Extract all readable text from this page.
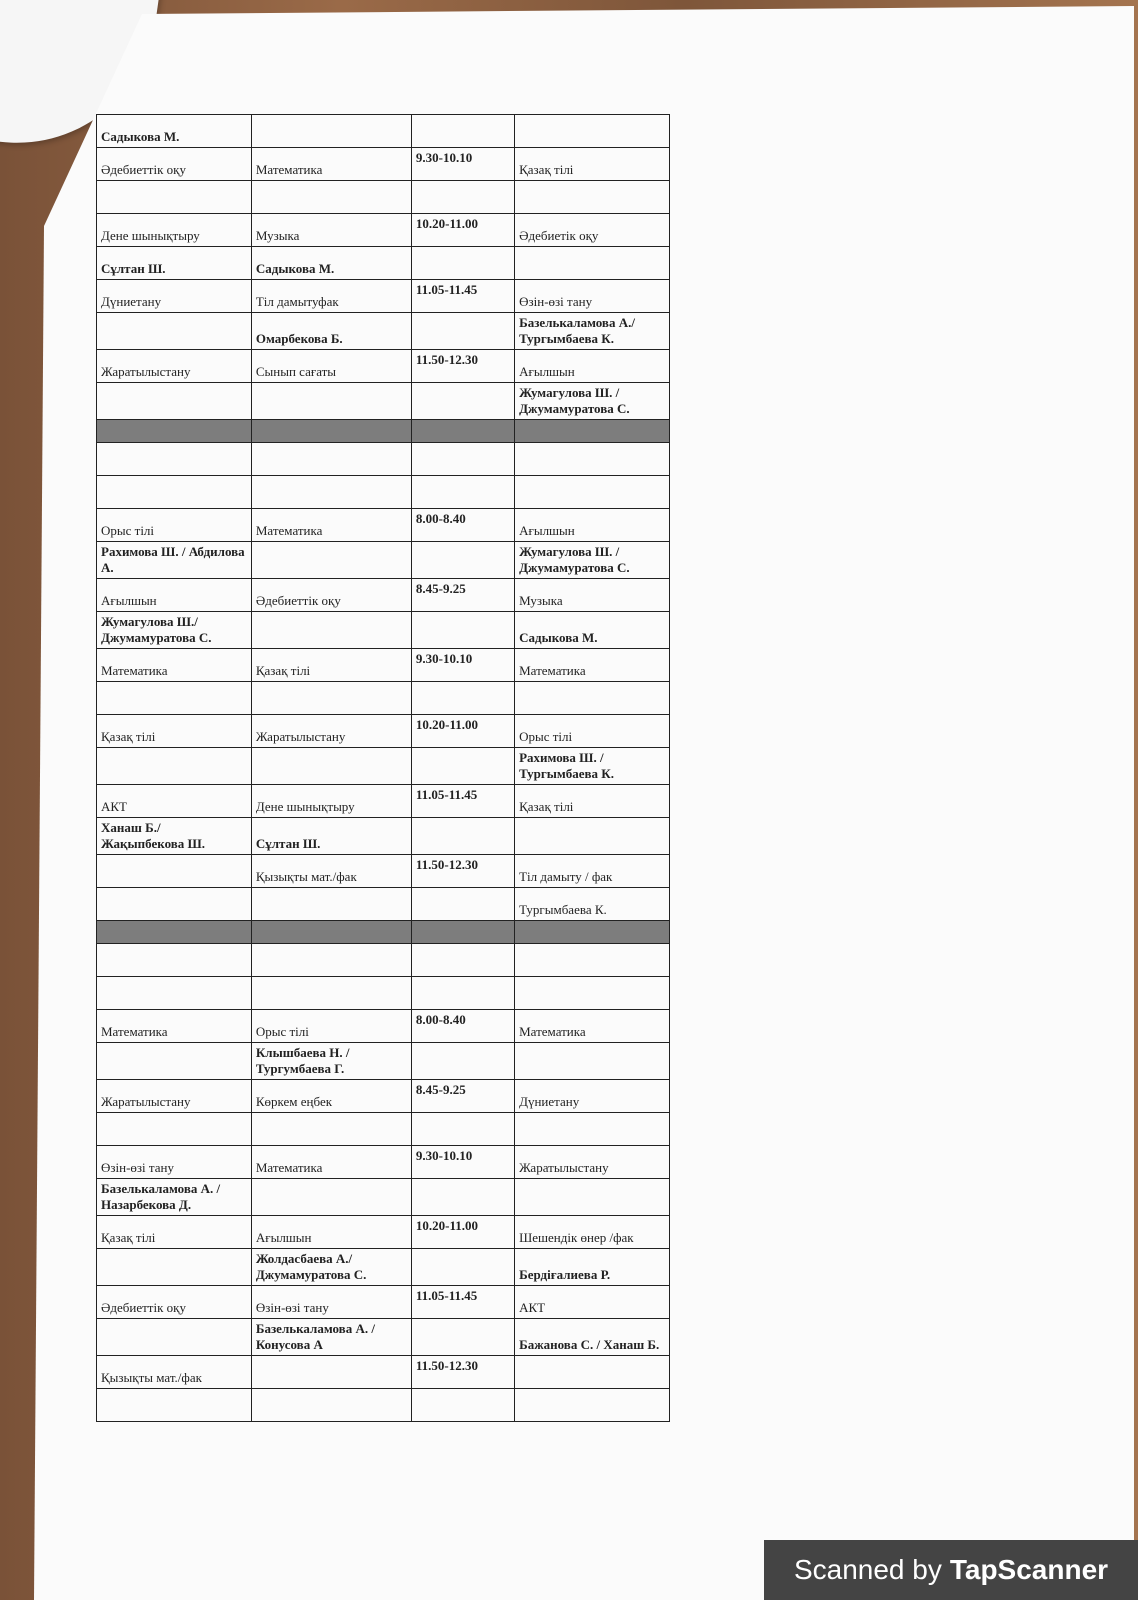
Садыкова М.			
Әдебиеттік оқу	Математика	9.30-10.10	Қазақ тілі

Дене шынықтыру	Музыка	10.20-11.00	Әдебиетік оқу
Сұлтан Ш.	Садыкова М.		
Дүниетану	Тіл дамытуфак	11.05-11.45	Өзін-өзі тану
	Омарбекова Б.		Базелькаламова А./ Тургымбаева К.
Жаратылыстану	Сынып сағаты	11.50-12.30	Ағылшын
			Жумагулова Ш. / Джумамуратова С.

Орыс тілі	Математика	8.00-8.40	Ағылшын
Рахимова Ш. / Абдилова А.			Жумагулова Ш. / Джумамуратова С.
Ағылшын	Әдебиеттік оқу	8.45-9.25	Музыка
Жумагулова Ш./ Джумамуратова С.			Садыкова М.
Математика	Қазақ тілі	9.30-10.10	Математика

Қазақ тілі	Жаратылыстану	10.20-11.00	Орыс тілі
			Рахимова Ш. / Тургымбаева К.
АКТ	Дене шынықтыру	11.05-11.45	Қазақ тілі
Ханаш Б./ Жақыпбекова Ш.	Сұлтан Ш.		
	Қызықты мат./фак	11.50-12.30	Тіл дамыту / фак
			Тургымбаева К.

Математика	Орыс тілі	8.00-8.40	Математика
	Клышбаева Н. / Тургумбаева Г.		
Жаратылыстану	Көркем еңбек	8.45-9.25	Дүниетану

Өзін-өзі тану	Математика	9.30-10.10	Жаратылыстану
Базелькаламова А. / Назарбекова Д.			
Қазақ тілі	Ағылшын	10.20-11.00	Шешендік өнер /фак
	Жолдасбаева А./ Джумамуратова С.		Бердіғалиева Р.
Әдебиеттік оқу	Өзін-өзі тану	11.05-11.45	АКТ
	Базелькаламова А. /Конусова А		Бажанова С. / Ханаш Б.
Қызықты мат./фак		11.50-12.30	

Scanned by TapScanner
